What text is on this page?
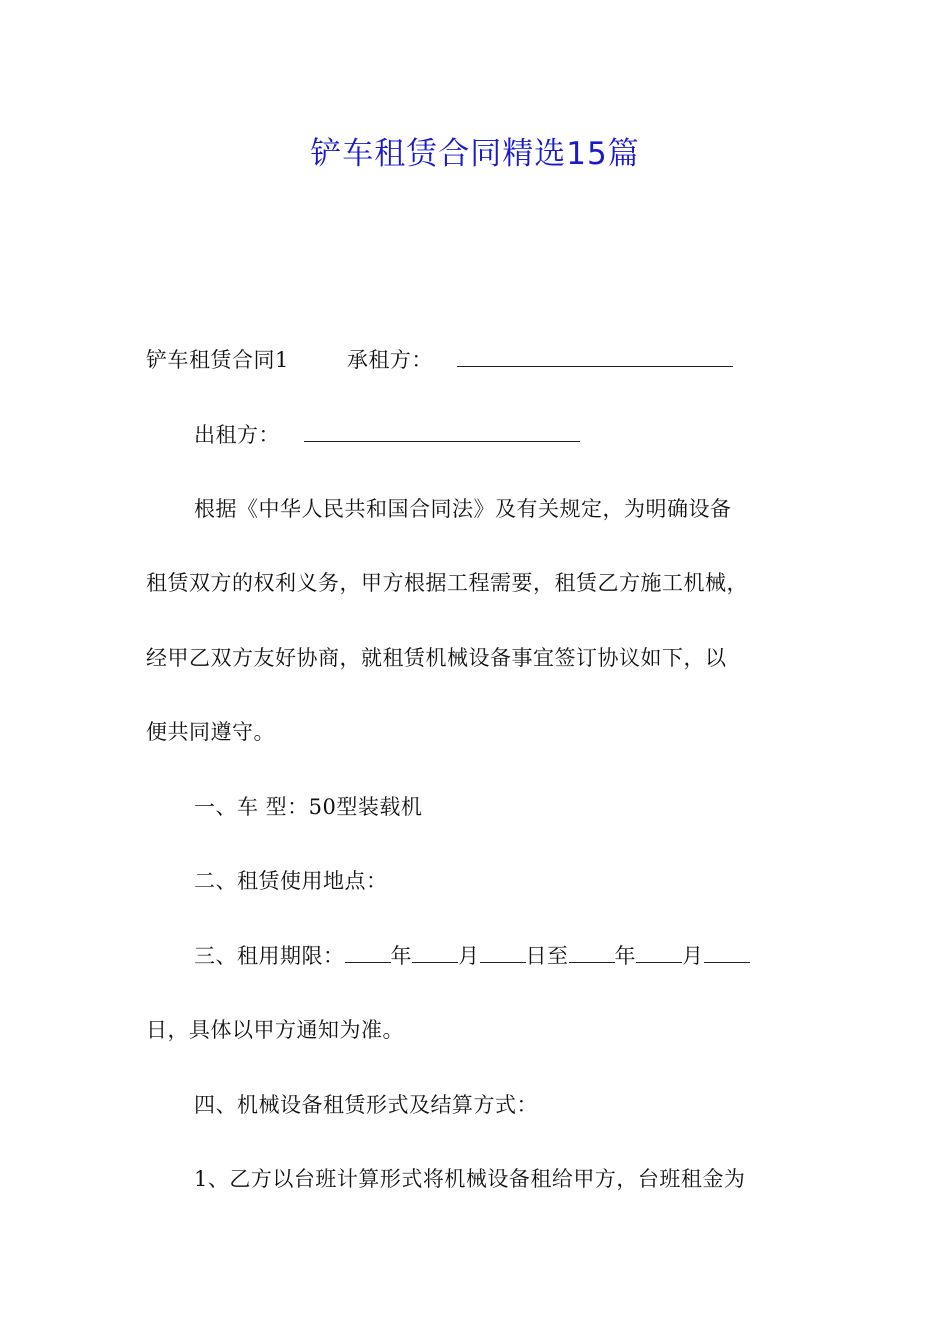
铲车租赁合同精选15篇
铲车租赁合同1	承租方：
出租方：
根据《中华人民共和国合同法》及有关规定，为明确设备
租赁双方的权利义务，甲方根据工程需要，租赁乙方施工机械，
经甲乙双方友好协商，就租赁机械设备事宜签订协议如下，以
便共同遵守。
一、车 型：50型装载机
二、租赁使用地点：
三、租用期限： 年 月 日至 年 月
日，具体以甲方通知为准。
四、机械设备租赁形式及结算方式：
1、乙方以台班计算形式将机械设备租给甲方，台班租金为
